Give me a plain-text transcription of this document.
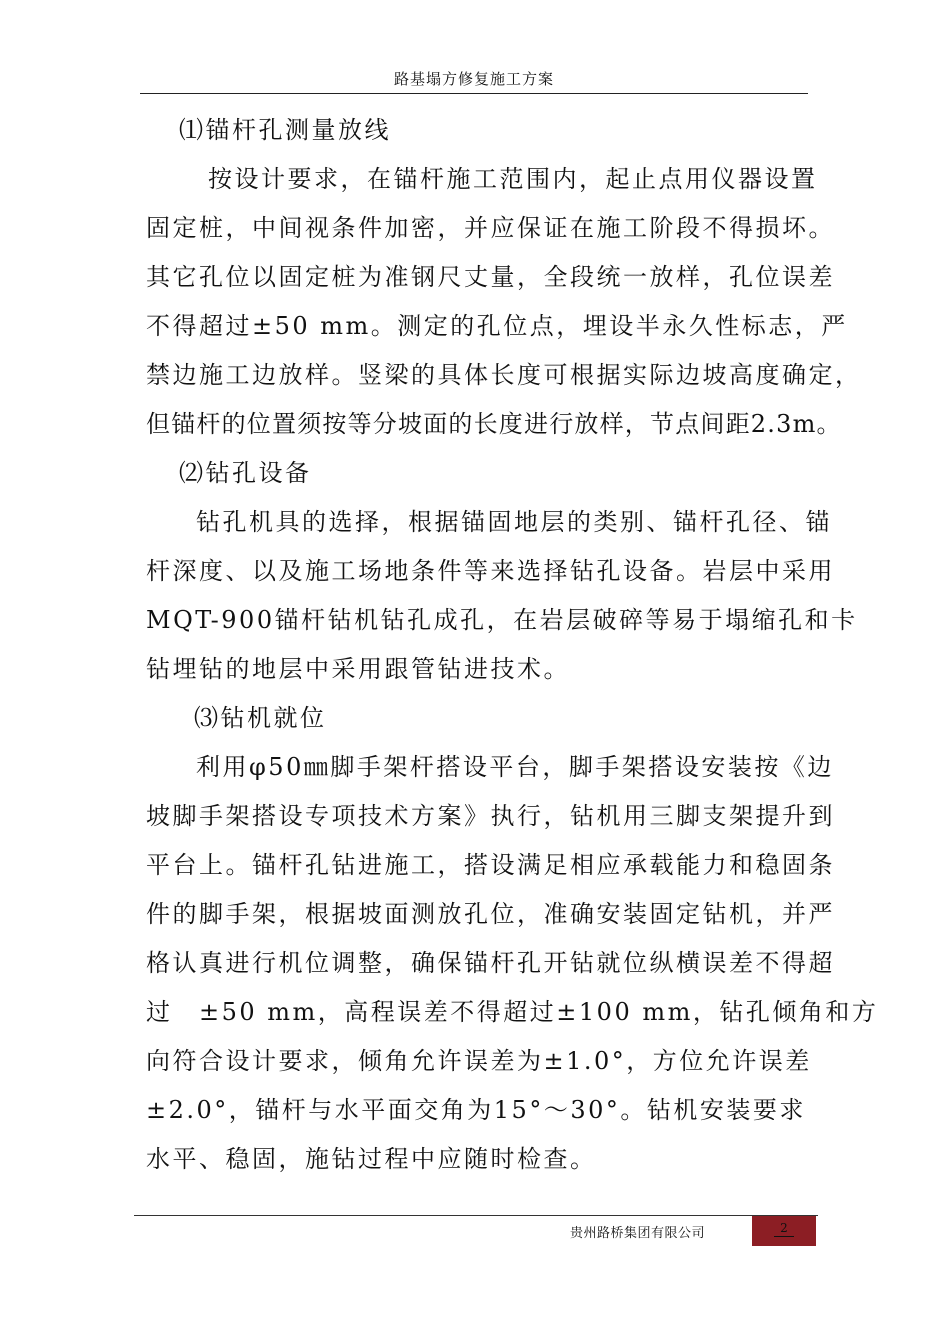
路基塌方修复施工方案
⑴锚杆孔测量放线
按设计要求，在锚杆施工范围内，起止点用仪器设置
固定桩，中间视条件加密，并应保证在施工阶段不得损坏。
其它孔位以固定桩为准钢尺丈量，全段统一放样，孔位误差
不得超过±50 mm。测定的孔位点，埋设半永久性标志，严
禁边施工边放样。竖梁的具体长度可根据实际边坡高度确定，
但锚杆的位置须按等分坡面的长度进行放样，节点间距2.3m。
⑵钻孔设备
钻孔机具的选择，根据锚固地层的类别、锚杆孔径、锚
杆深度、以及施工场地条件等来选择钻孔设备。岩层中采用
MQT-900锚杆钻机钻孔成孔，在岩层破碎等易于塌缩孔和卡
钻埋钻的地层中采用跟管钻进技术。
⑶钻机就位
利用φ50㎜脚手架杆搭设平台，脚手架搭设安装按《边
坡脚手架搭设专项技术方案》执行，钻机用三脚支架提升到
平台上。锚杆孔钻进施工，搭设满足相应承载能力和稳固条
件的脚手架，根据坡面测放孔位，准确安装固定钻机，并严
格认真进行机位调整，确保锚杆孔开钻就位纵横误差不得超
过　±50 mm，高程误差不得超过±100 mm，钻孔倾角和方
向符合设计要求，倾角允许误差为±1.0°，方位允许误差
±2.0°，锚杆与水平面交角为15°～30°。钻机安装要求
水平、稳固，施钻过程中应随时检查。
贵州路桥集团有限公司	2
